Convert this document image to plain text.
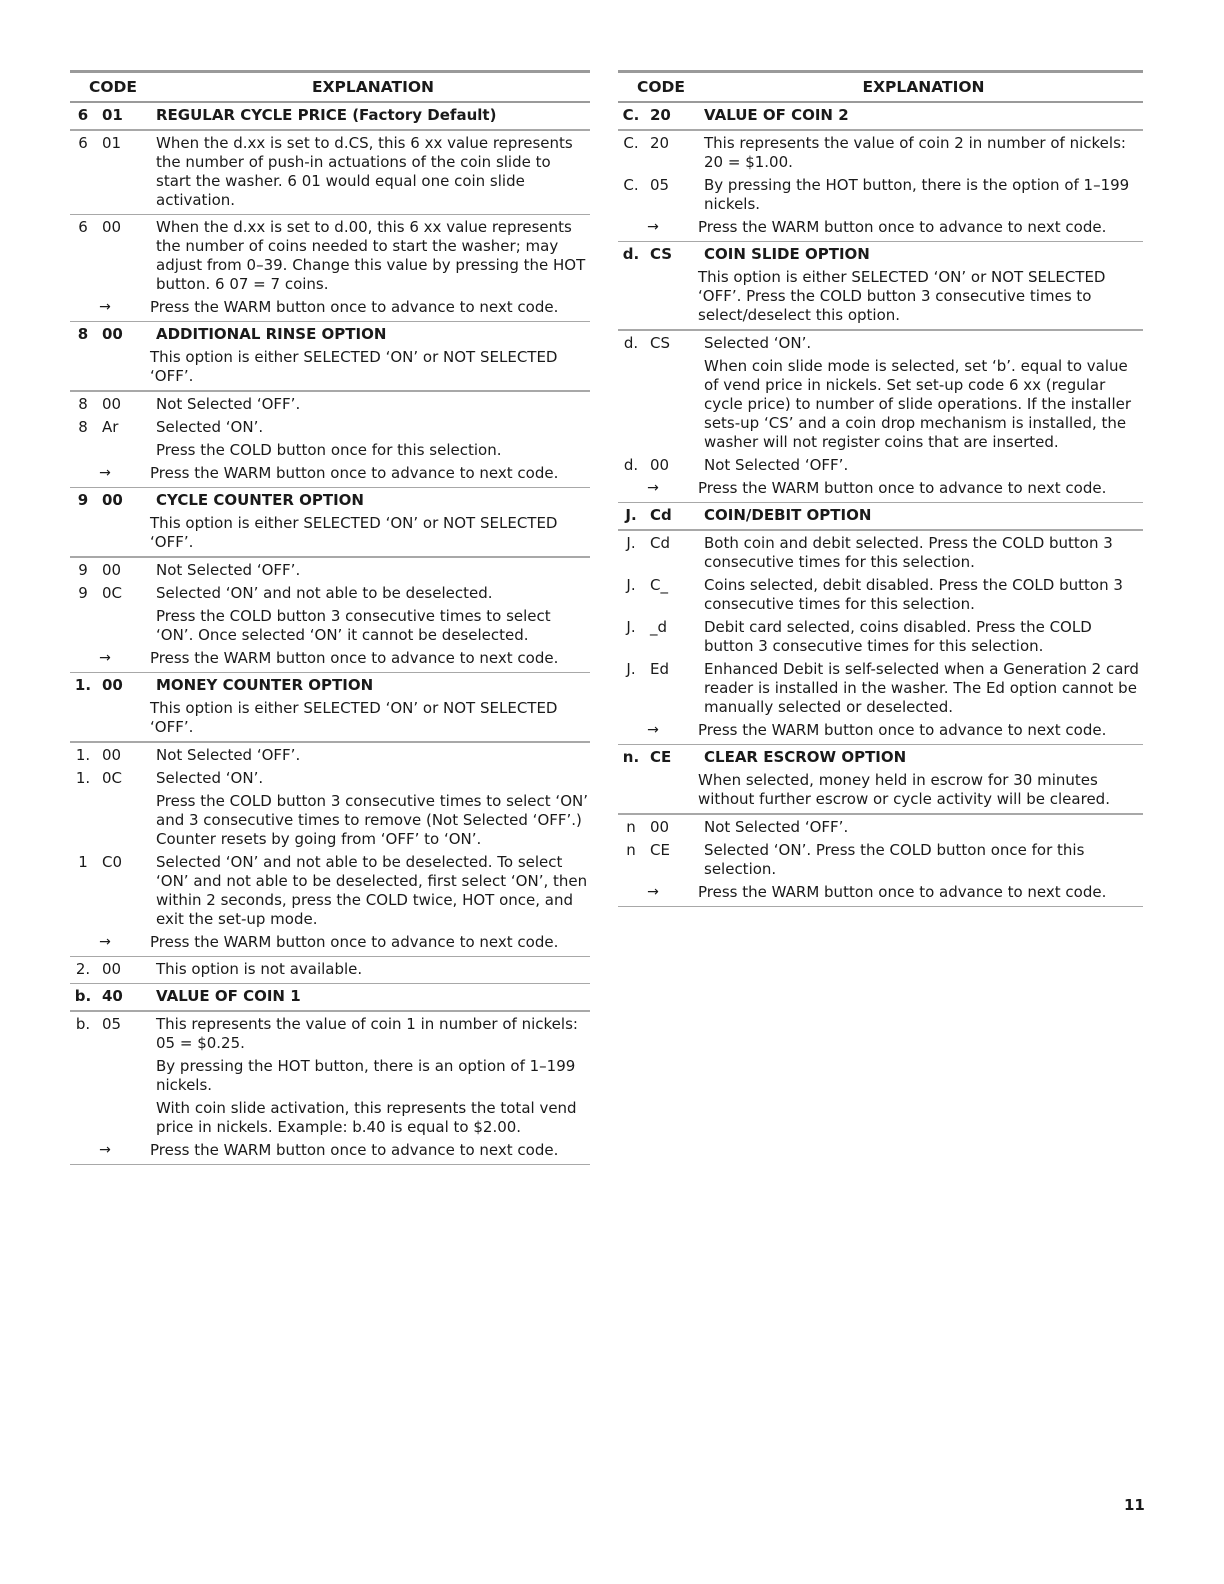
CODE	EXPLANATION
6 01	REGULAR CYCLE PRICE (Factory Default)
6 01	When the d.xx is set to d.CS, this 6 xx value represents the number of push-in actuations of the coin slide to start the washer. 6 01 would equal one coin slide activation.
6 00	When the d.xx is set to d.00, this 6 xx value represents the number of coins needed to start the washer; may adjust from 0–39. Change this value by pressing the HOT button. 6 07 = 7 coins.
→	Press the WARM button once to advance to next code.
8 00	ADDITIONAL RINSE OPTION
This option is either SELECTED ‘ON’ or NOT SELECTED ‘OFF’.
8 00	Not Selected ‘OFF’.
8 Ar	Selected ‘ON’.
Press the COLD button once for this selection.
→	Press the WARM button once to advance to next code.
9 00	CYCLE COUNTER OPTION
This option is either SELECTED ‘ON’ or NOT SELECTED ‘OFF’.
9 00	Not Selected ‘OFF’.
9 0C	Selected ‘ON’ and not able to be deselected.
Press the COLD button 3 consecutive times to select ‘ON’. Once selected ‘ON’ it cannot be deselected.
→	Press the WARM button once to advance to next code.
1. 00	MONEY COUNTER OPTION
This option is either SELECTED ‘ON’ or NOT SELECTED ‘OFF’.
1. 00	Not Selected ‘OFF’.
1. 0C	Selected ‘ON’.
Press the COLD button 3 consecutive times to select ‘ON’ and 3 consecutive times to remove (Not Selected ‘OFF’.) Counter resets by going from ‘OFF’ to ‘ON’.
1 C0	Selected ‘ON’ and not able to be deselected. To select ‘ON’ and not able to be deselected, first select ‘ON’, then within 2 seconds, press the COLD twice, HOT once, and exit the set-up mode.
→	Press the WARM button once to advance to next code.
2. 00	This option is not available.
b. 40	VALUE OF COIN 1
b. 05	This represents the value of coin 1 in number of nickels: 05 = $0.25.
By pressing the HOT button, there is an option of 1–199 nickels.
With coin slide activation, this represents the total vend price in nickels. Example: b.40 is equal to $2.00.
→	Press the WARM button once to advance to next code.
CODE	EXPLANATION
C. 20	VALUE OF COIN 2
C. 20	This represents the value of coin 2 in number of nickels: 20 = $1.00.
C. 05	By pressing the HOT button, there is the option of 1–199 nickels.
→	Press the WARM button once to advance to next code.
d. CS	COIN SLIDE OPTION
This option is either SELECTED ‘ON’ or NOT SELECTED ‘OFF’. Press the COLD button 3 consecutive times to select/deselect this option.
d. CS	Selected ‘ON’.
When coin slide mode is selected, set ‘b’. equal to value of vend price in nickels. Set set-up code 6 xx (regular cycle price) to number of slide operations. If the installer sets-up ‘CS’ and a coin drop mechanism is installed, the washer will not register coins that are inserted.
d. 00	Not Selected ‘OFF’.
→	Press the WARM button once to advance to next code.
J. Cd	COIN/DEBIT OPTION
J. Cd	Both coin and debit selected. Press the COLD button 3 consecutive times for this selection.
J. C_	Coins selected, debit disabled. Press the COLD button 3 consecutive times for this selection.
J. _d	Debit card selected, coins disabled. Press the COLD button 3 consecutive times for this selection.
J. Ed	Enhanced Debit is self-selected when a Generation 2 card reader is installed in the washer. The Ed option cannot be manually selected or deselected.
→	Press the WARM button once to advance to next code.
n. CE	CLEAR ESCROW OPTION
When selected, money held in escrow for 30 minutes without further escrow or cycle activity will be cleared.
n 00	Not Selected ‘OFF’.
n CE	Selected ‘ON’. Press the COLD button once for this selection.
→	Press the WARM button once to advance to next code.
11
